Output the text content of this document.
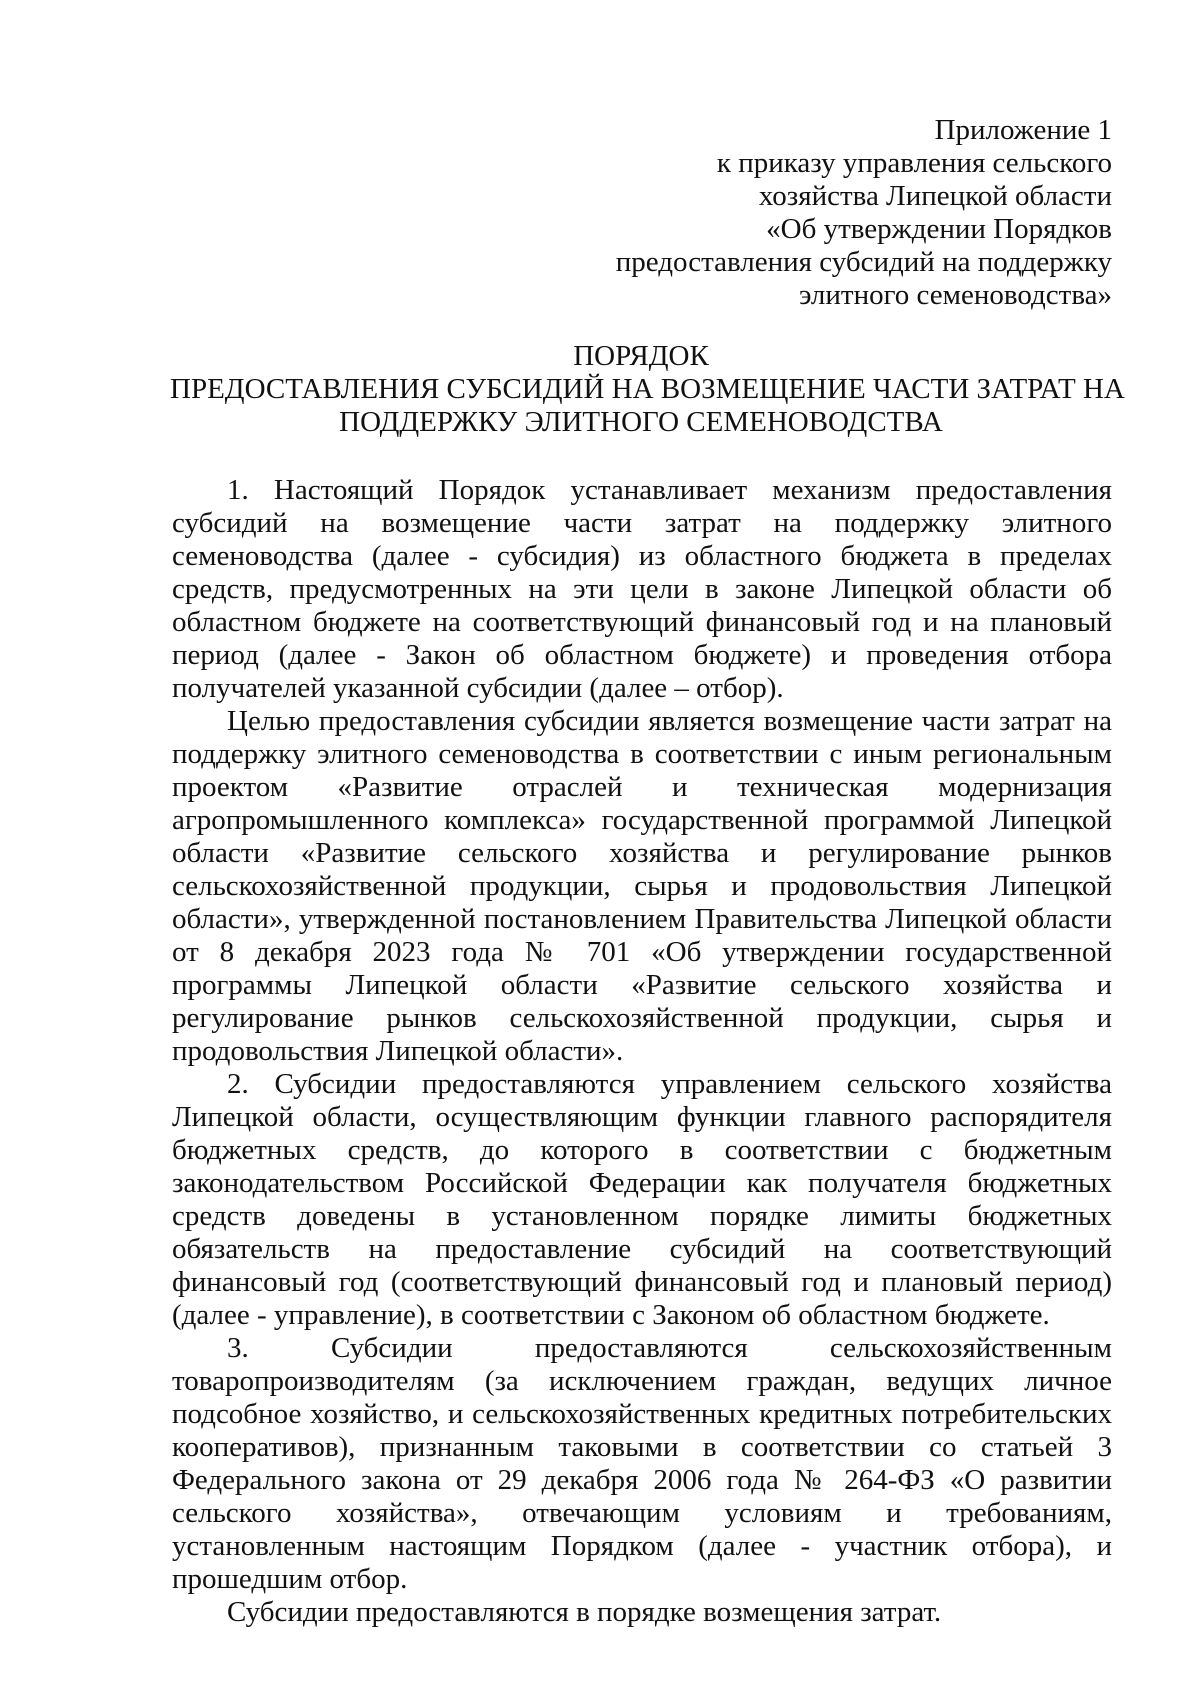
Приложение 1
к приказу управления сельского
хозяйства Липецкой области
«Об утверждении Порядков
предоставления субсидий на поддержку
элитного семеноводства»
ПОРЯДОК
ПРЕДОСТАВЛЕНИЯ СУБСИДИЙ НА ВОЗМЕЩЕНИЕ ЧАСТИ ЗАТРАТ НА
ПОДДЕРЖКУ ЭЛИТНОГО СЕМЕНОВОДСТВА

1. Настоящий Порядок устанавливает механизм предоставления субсидий на возмещение части затрат на поддержку элитного семеноводства (далее - субсидия) из областного бюджета в пределах средств, предусмотренных на эти цели в законе Липецкой области об областном бюджете на соответствующий финансовый год и на плановый период (далее - Закон об областном бюджете) и проведения отбора получателей указанной субсидии (далее – отбор).

Целью предоставления субсидии является возмещение части затрат на поддержку элитного семеноводства в соответствии с иным региональным проектом «Развитие отраслей и техническая модернизация агропромышленного комплекса» государственной программой Липецкой области «Развитие сельского хозяйства и регулирование рынков сельскохозяйственной продукции, сырья и продовольствия Липецкой области», утвержденной постановлением Правительства Липецкой области от 8 декабря 2023 года № 701 «Об утверждении государственной программы Липецкой области «Развитие сельского хозяйства и регулирование рынков сельскохозяйственной продукции, сырья и продовольствия Липецкой области».

2. Субсидии предоставляются управлением сельского хозяйства Липецкой области, осуществляющим функции главного распорядителя бюджетных средств, до которого в соответствии с бюджетным законодательством Российской Федерации как получателя бюджетных средств доведены в установленном порядке лимиты бюджетных обязательств на предоставление субсидий на соответствующий финансовый год (соответствующий финансовый год и плановый период) (далее - управление), в соответствии с Законом об областном бюджете.

3. Субсидии предоставляются сельскохозяйственным товаропроизводителям (за исключением граждан, ведущих личное подсобное хозяйство, и сельскохозяйственных кредитных потребительских кооперативов), признанным таковыми в соответствии со статьей 3 Федерального закона от 29 декабря 2006 года № 264-ФЗ «О развитии сельского хозяйства», отвечающим условиям и требованиям, установленным настоящим Порядком (далее - участник отбора), и прошедшим отбор.

Субсидии предоставляются в порядке возмещения затрат.
